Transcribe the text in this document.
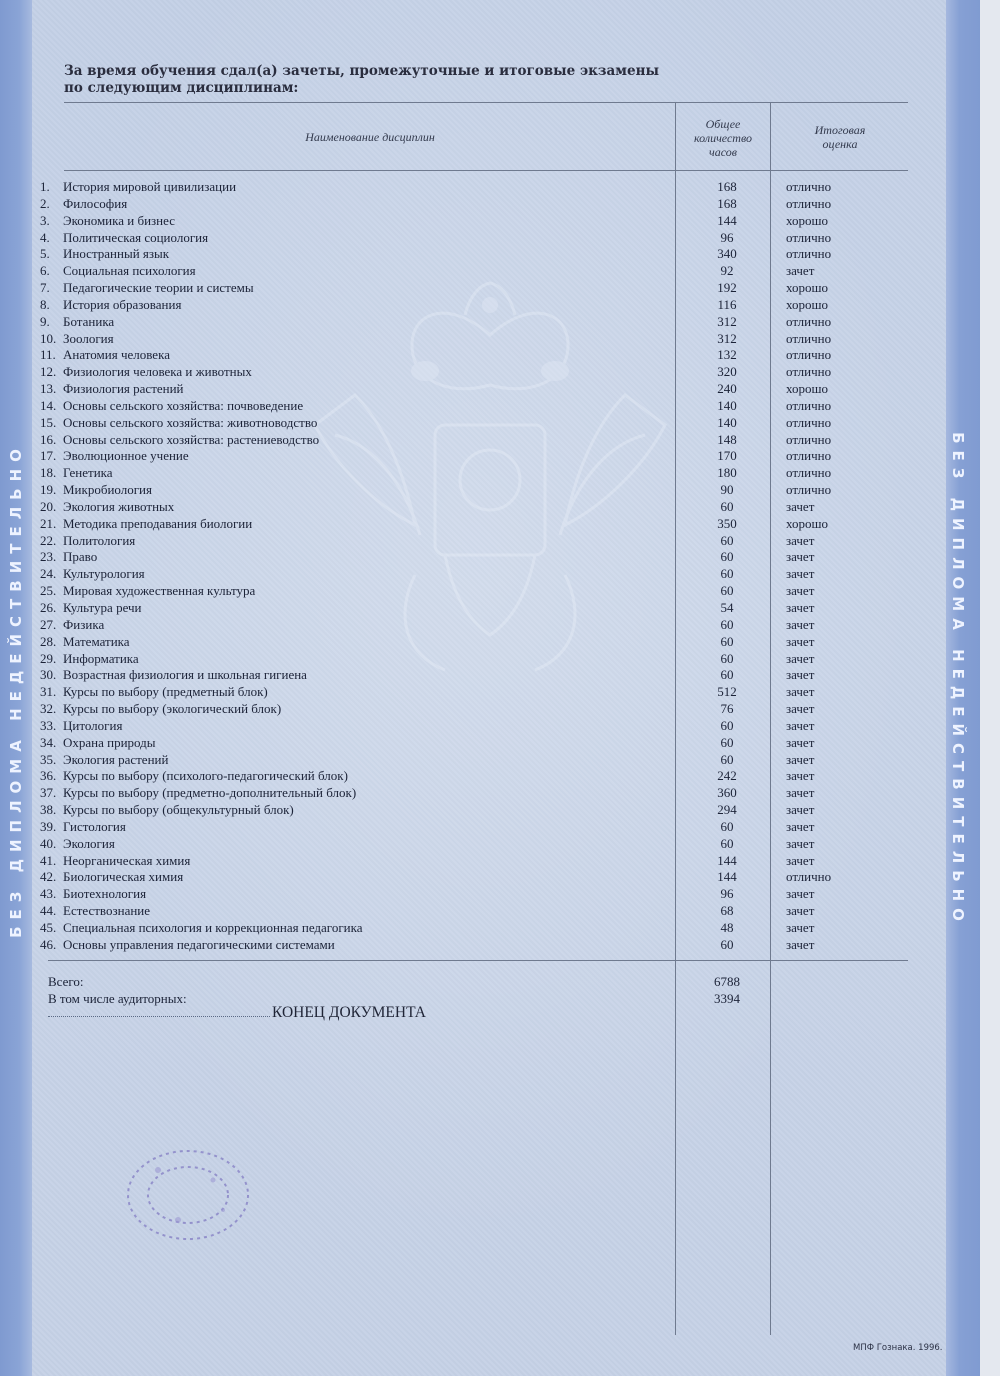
БЕЗ ДИПЛОМА НЕДЕЙСТВИТЕЛЬНО	БЕЗ ДИПЛОМА НЕДЕЙСТВИТЕЛЬНО
За время обучения сдал(а) зачеты, промежуточные и итоговые экзамены
по следующим дисциплинам:
Наименование дисциплин
Общее
количество
часов
Итоговая
оценка
1.	История мировой цивилизации	168	отлично
2.	Философия	168	отлично
3.	Экономика и бизнес	144	хорошо
4.	Политическая социология	96	отлично
5.	Иностранный язык	340	отлично
6.	Социальная психология	92	зачет
7.	Педагогические теории и системы	192	хорошо
8.	История образования	116	хорошо
9.	Ботаника	312	отлично
10. Зоология	312	отлично
11. Анатомия человека	132	отлично
12. Физиология человека и животных	320	отлично
13. Физиология растений	240	хорошо
14. Основы сельского хозяйства: почвоведение	140	отлично
15. Основы сельского хозяйства: животноводство	140	отлично
16. Основы сельского хозяйства: растениеводство	148	отлично
17. Эволюционное учение	170	отлично
18. Генетика	180	отлично
19. Микробиология	90	отлично
20. Экология животных	60	зачет
21. Методика преподавания биологии	350	хорошо
22. Политология	60	зачет
23. Право	60	зачет
24. Культурология	60	зачет
25. Мировая художественная культура	60	зачет
26. Культура речи	54	зачет
27. Физика	60	зачет
28. Математика	60	зачет
29. Информатика	60	зачет
30. Возрастная физиология и школьная гигиена	60	зачет
31. Курсы по выбору (предметный блок)	512	зачет
32. Курсы по выбору (экологический блок)	76	зачет
33. Цитология	60	зачет
34. Охрана природы	60	зачет
35. Экология растений	60	зачет
36. Курсы по выбору (психолого-педагогический блок)	242	зачет
37. Курсы по выбору (предметно-дополнительный блок)	360	зачет
38. Курсы по выбору (общекультурный блок)	294	зачет
39. Гистология	60	зачет
40. Экология	60	зачет
41. Неорганическая химия	144	зачет
42. Биологическая химия	144	отлично
43. Биотехнология	96	зачет
44. Естествознание	68	зачет
45. Специальная психология и коррекционная педагогика	48	зачет
46. Основы управления педагогическими системами	60	зачет
Всего:	6788
В том числе аудиторных:	3394
КОНЕЦ ДОКУМЕНТА
МПФ Гознака. 1996.
